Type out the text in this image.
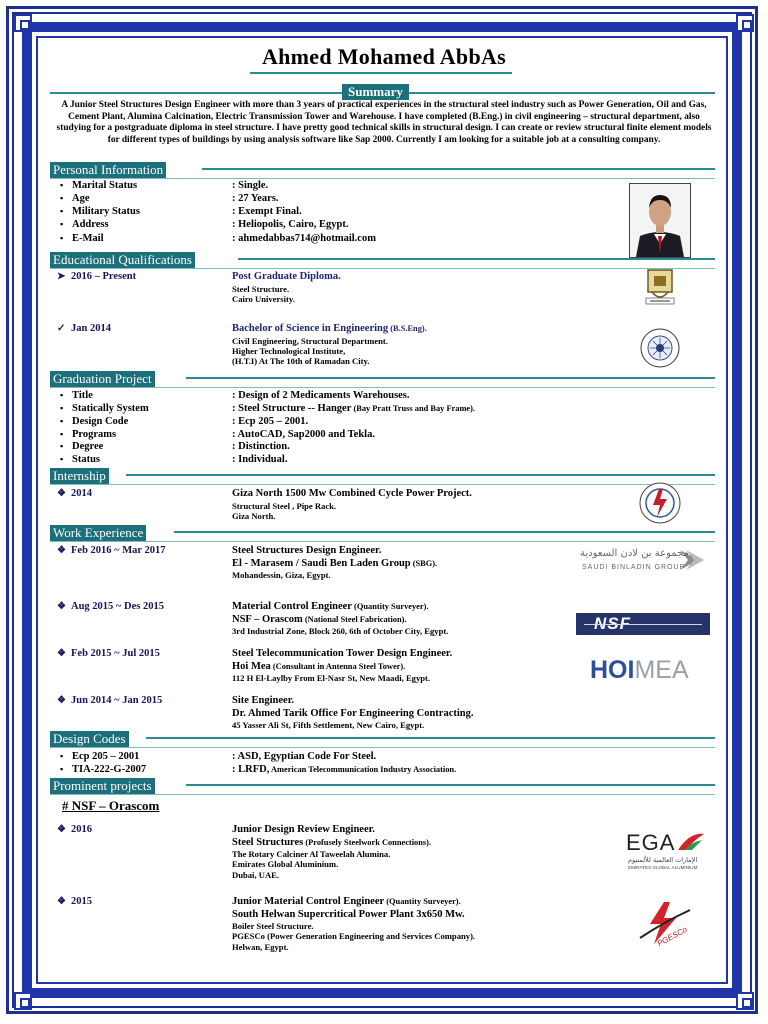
Ahmed Mohamed AbbAs
Summary
A Junior Steel Structures Design Engineer with more than 3 years of practical experiences in the structural steel industry such as Power Generation, Oil and Gas, Cement Plant, Alumina Calcination, Electric Transmission Tower and Warehouse. I have completed (B.Eng.) in civil engineering – structural department, also studying for a postgraduate diploma in steel structure. I have pretty good technical skills in structural design. I can create or review structural finite element models for different types of buildings by using analysis software like Sap 2000. Currently I am looking for a suitable job at a consulting company.
Personal Information
▪ Marital Status	: Single.
▪ Age	: 27 Years.
▪ Military Status	: Exempt Final.
▪ Address	: Heliopolis, Cairo, Egypt.
▪ E-Mail	: ahmedabbas714@hotmail.com
Educational Qualifications
➤ 2016 – Present	Post Graduate Diploma.
Steel Structure.
Cairo University.
✓ Jan 2014	Bachelor of Science in Engineering (B.S.Eng).
Civil Engineering, Structural Department.
Higher Technological Institute,
(H.T.I) At The 10th of Ramadan City.
Graduation Project
▪ Title	: Design of 2 Medicaments Warehouses.
▪ Statically System	: Steel Structure -- Hanger (Bay Pratt Truss and Bay Frame).
▪ Design Code	: Ecp 205 – 2001.
▪ Programs	: AutoCAD, Sap2000 and Tekla.
▪ Degree	: Distinction.
▪ Status	: Individual.
Internship
❖ 2014	Giza North 1500 Mw Combined Cycle Power Project.
Structural Steel , Pipe Rack.
Giza North.
Work Experience
❖ Feb 2016 ~ Mar 2017	Steel Structures Design Engineer.
El - Marasem / Saudi Ben Laden Group (SBG).
Mohandessin, Giza, Egypt.
مجموعة بن لادن السعودية
SAUDI BINLADIN GROUP
❖ Aug 2015 ~ Des 2015	Material Control Engineer (Quantity Surveyer).
NSF – Orascom (National Steel Fabrication).
3rd Industrial Zone, Block 260, 6th of October City, Egypt.	NSF
❖ Feb 2015 ~ Jul 2015	Steel Telecommunication Tower Design Engineer.
Hoi Mea (Consultant in Antenna Steel Tower).
112 H El-Laylby From El-Nasr St, New Maadi, Egypt.	HOIMEA
❖ Jun 2014 ~ Jan 2015	Site Engineer.
Dr. Ahmed Tarik Office For Engineering Contracting.
45 Yasser Ali St, Fifth Settlement, New Cairo, Egypt.
Design Codes
▪ Ecp 205 – 2001	: ASD, Egyptian Code For Steel.
▪ TIA-222-G-2007	: LRFD, American Telecommunication Industry Association.
Prominent projects
# NSF – Orascom
❖ 2016	Junior Design Review Engineer.
Steel Structures (Profusely Steelwork Connections).
The Rotary Calciner Al Taweelah Alumina.
Emirates Global Aluminium.
Dubai, UAE.
EGA
الإمارات العالمية للألمنيوم
EMIRATES GLOBAL ALUMINIUM
❖ 2015	Junior Material Control Engineer (Quantity Surveyer).
South Helwan Supercritical Power Plant 3x650 Mw.
Boiler Steel Structure.
PGESCo (Power Generation Engineering and Services Company).
Helwan, Egypt.	PGESCo
